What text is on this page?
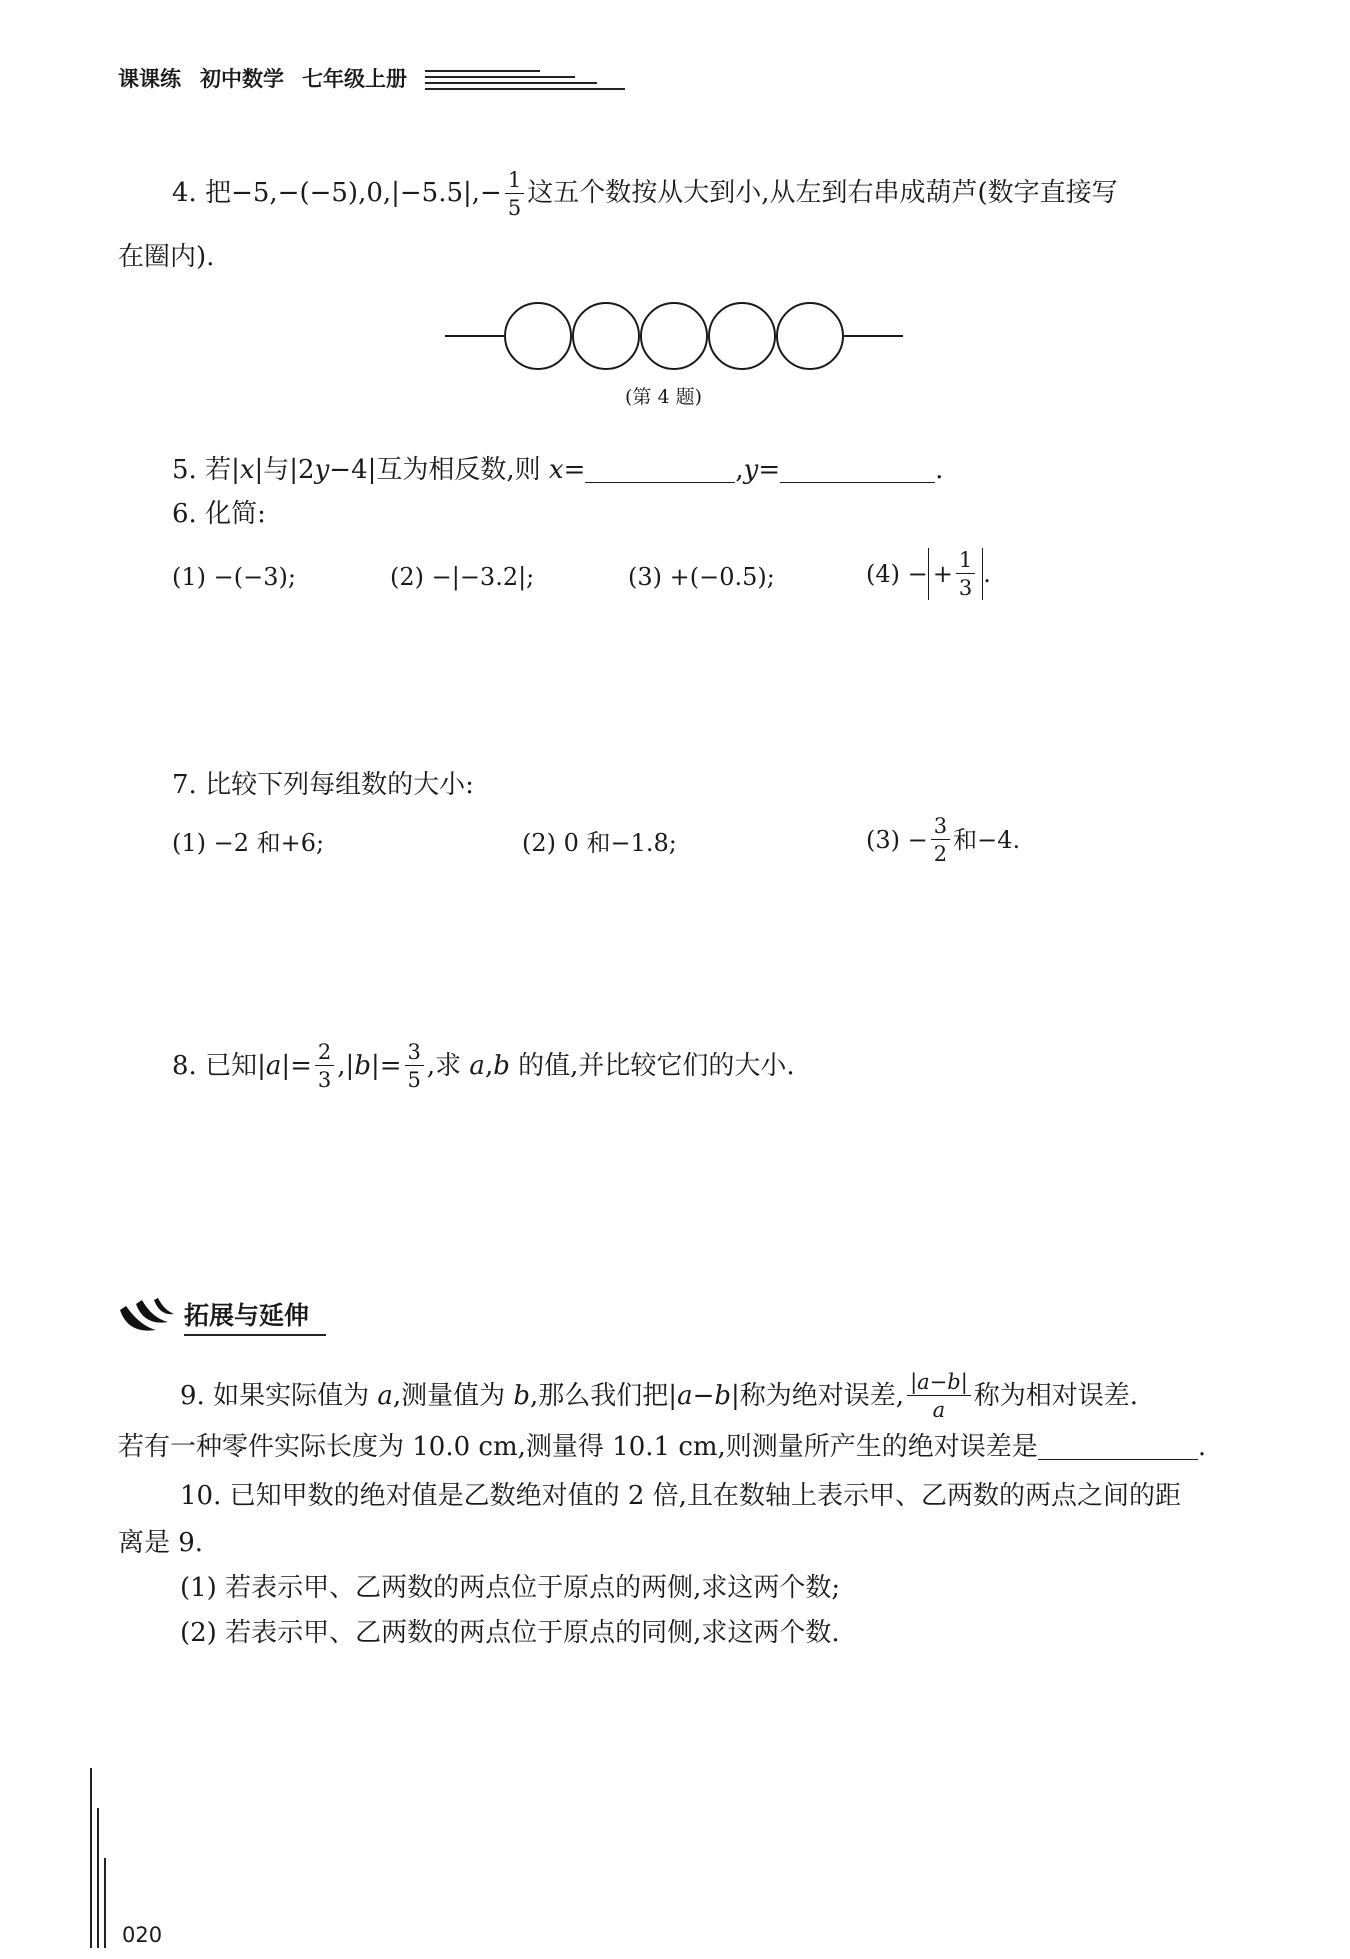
课课练 初中数学 七年级上册
4. 把$-5,-(-5),0,|-5.5|,- \frac{1}{5}$ 这五个数按从大到小,从左到右串成葫芦(数字直接写
在圈内).
(第 4 题)
5. 若|x|与|2y−4|互为相反数,则 x=	,y=	.
6. 化简:
(1) −(−3);	(2) −|−3.2|;	(3) +(−0.5);	(4) − + $\frac{1}{3}$ .
7. 比较下列每组数的大小:
(1) −2 和+6;	(2) 0 和−1.8;	$(3) - \frac{3}{2}$ 和−4.
8. 已知$|a|= \frac{2}{3} ,|b|= \frac{3}{5}$ ,求 a,b 的值,并比较它们的大小.
拓展与延伸
9. 如果实际值为 a,测量值为 b,那么我们把|a−b|称为绝对误差, $\frac{|a-b|}{a}$ 称为相对误差.
若有一种零件实际长度为 10.0 cm,测量得 10.1 cm,则测量所产生的绝对误差是	.
10. 已知甲数的绝对值是乙数绝对值的 2 倍,且在数轴上表示甲、乙两数的两点之间的距
离是 9.
(1) 若表示甲、乙两数的两点位于原点的两侧,求这两个数;
(2) 若表示甲、乙两数的两点位于原点的同侧,求这两个数.
020
